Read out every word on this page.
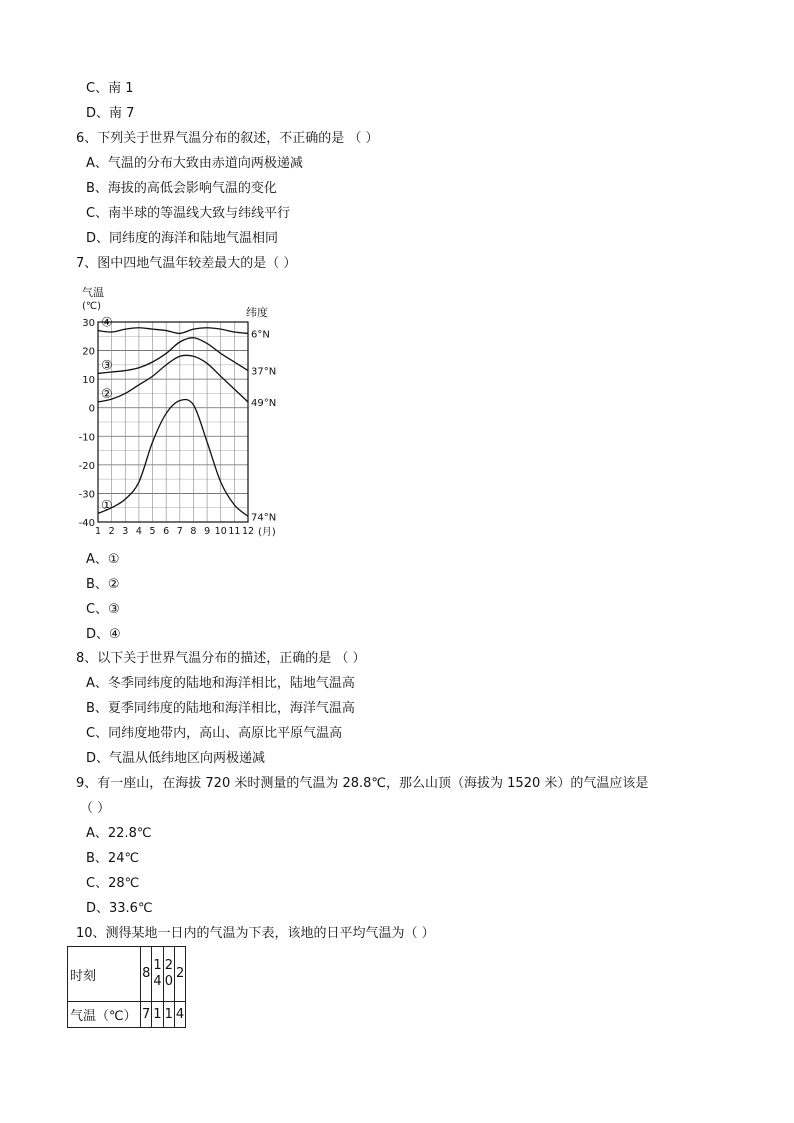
C、南 1
D、南 7
6、下列关于世界气温分布的叙述，不正确的是 （ ）
A、气温的分布大致由赤道向两极递减
B、海拔的高低会影响气温的变化
C、南半球的等温线大致与纬线平行
D、同纬度的海洋和陆地气温相同
7、图中四地气温年较差最大的是（ ）
气温
(℃)	纬度
30
20
10
0
-10
-20
-30
-40
1 2 3 4 5 6 7 8 9 10 11 12 (月)
④
6°N
③	37°N
②
49°N
①
74°N
A、①
B、②
C、③
D、④
8、以下关于世界气温分布的描述，正确的是 （ ）
A、冬季同纬度的陆地和海洋相比，陆地气温高
B、夏季同纬度的陆地和海洋相比，海洋气温高
C、同纬度地带内，高山、高原比平原气温高
D、气温从低纬地区向两极递减
9、有一座山，在海拔 720 米时测量的气温为 28.8℃，那么山顶（海拔为 1520 米）的气温应该是
（ ）
A、22.8℃
B、24℃
C、28℃
D、33.6℃
10、测得某地一日内的气温为下表，该地的日平均气温为（ ）
时刻	8	14	20	2
气温（℃）	7	1	1	4
